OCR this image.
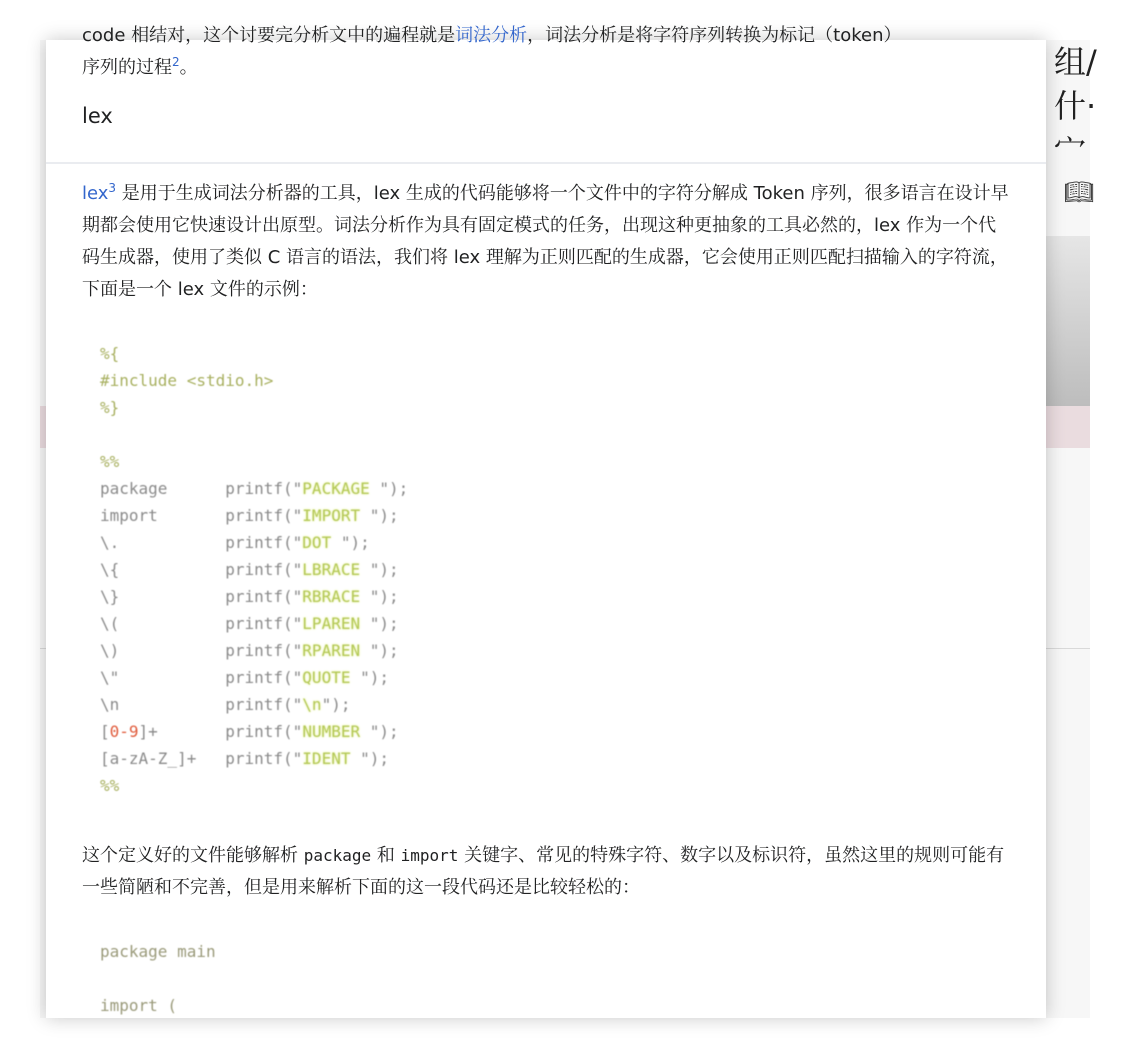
组/
什·
宀
📖︎

code 相结对，这个讨要完分析文中的遍程就是词法分析，词法分析是将字符序列转换为标记（token）
序列的过程$^2$。

lex

lex$^3$ 是用于生成词法分析器的工具，lex 生成的代码能够将一个文件中的字符分解成 Token 序列，很多语言在设计早期都会使用它快速设计出原型。词法分析作为具有固定模式的任务，出现这种更抽象的工具必然的，lex 作为一个代码生成器，使用了类似 C 语言的语法，我们将 lex 理解为正则匹配的生成器，它会使用正则匹配扫描输入的字符流，下面是一个 lex 文件的示例：

%{
#include <stdio.h>
%}

%%
package	printf("PACKAGE ");
import	printf("IMPORT ");
\.	printf("DOT ");
\{	printf("LBRACE ");
\}	printf("RBRACE ");
\(	printf("LPAREN ");
\)	printf("RPAREN ");
\"	printf("QUOTE ");
\n	printf("\n");
[0-9]+	printf("NUMBER ");
[a-zA-Z_]+ printf("IDENT ");
%%

这个定义好的文件能够解析 package 和 import 关键字、常见的特殊字符、数字以及标识符，虽然这里的规则可能有一些简陋和不完善，但是用来解析下面的这一段代码还是比较轻松的：

package main

import (
